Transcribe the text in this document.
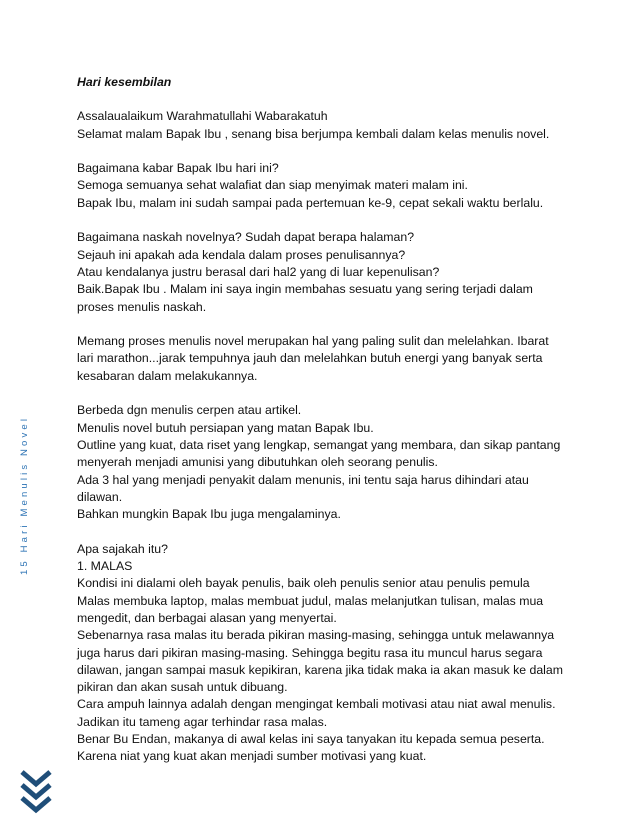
15 Hari Menulis Novel
Hari kesembilan
Assalaualaikum Warahmatullahi Wabarakatuh
Selamat malam Bapak Ibu , senang bisa berjumpa kembali dalam kelas menulis novel.
Bagaimana kabar Bapak Ibu hari ini?
Semoga semuanya sehat walafiat dan siap menyimak materi malam ini.
Bapak Ibu, malam ini sudah sampai pada pertemuan ke-9, cepat sekali waktu berlalu.
Bagaimana naskah novelnya? Sudah dapat berapa halaman?
Sejauh ini apakah ada kendala dalam proses penulisannya?
Atau kendalanya justru berasal dari hal2 yang di luar kepenulisan?
Baik.Bapak Ibu . Malam ini saya ingin membahas sesuatu yang sering terjadi dalam
proses menulis naskah.
Memang proses menulis novel merupakan hal yang paling sulit dan melelahkan. Ibarat
lari marathon...jarak tempuhnya jauh dan melelahkan butuh energi yang banyak serta
kesabaran dalam melakukannya.
Berbeda dgn menulis cerpen atau artikel.
Menulis novel butuh persiapan yang matan Bapak Ibu.
Outline yang kuat, data riset yang lengkap, semangat yang membara, dan sikap pantang
menyerah menjadi amunisi yang dibutuhkan oleh seorang penulis.
Ada 3 hal yang menjadi penyakit dalam menunis, ini tentu saja harus dihindari atau
dilawan.
Bahkan mungkin Bapak Ibu juga mengalaminya.
Apa sajakah itu?
1. MALAS
Kondisi ini dialami oleh bayak penulis, baik oleh penulis senior atau penulis pemula
Malas membuka laptop, malas membuat judul, malas melanjutkan tulisan, malas mua
mengedit, dan berbagai alasan yang menyertai.
Sebenarnya rasa malas itu berada pikiran masing-masing, sehingga untuk melawannya
juga harus dari pikiran masing-masing. Sehingga begitu rasa itu muncul harus segara
dilawan, jangan sampai masuk kepikiran, karena jika tidak maka ia akan masuk ke dalam
pikiran dan akan susah untuk dibuang.
Cara ampuh lainnya adalah dengan mengingat kembali motivasi atau niat awal menulis.
Jadikan itu tameng agar terhindar rasa malas.
Benar Bu Endan, makanya di awal kelas ini saya tanyakan itu kepada semua peserta.
Karena niat yang kuat akan menjadi sumber motivasi yang kuat.
